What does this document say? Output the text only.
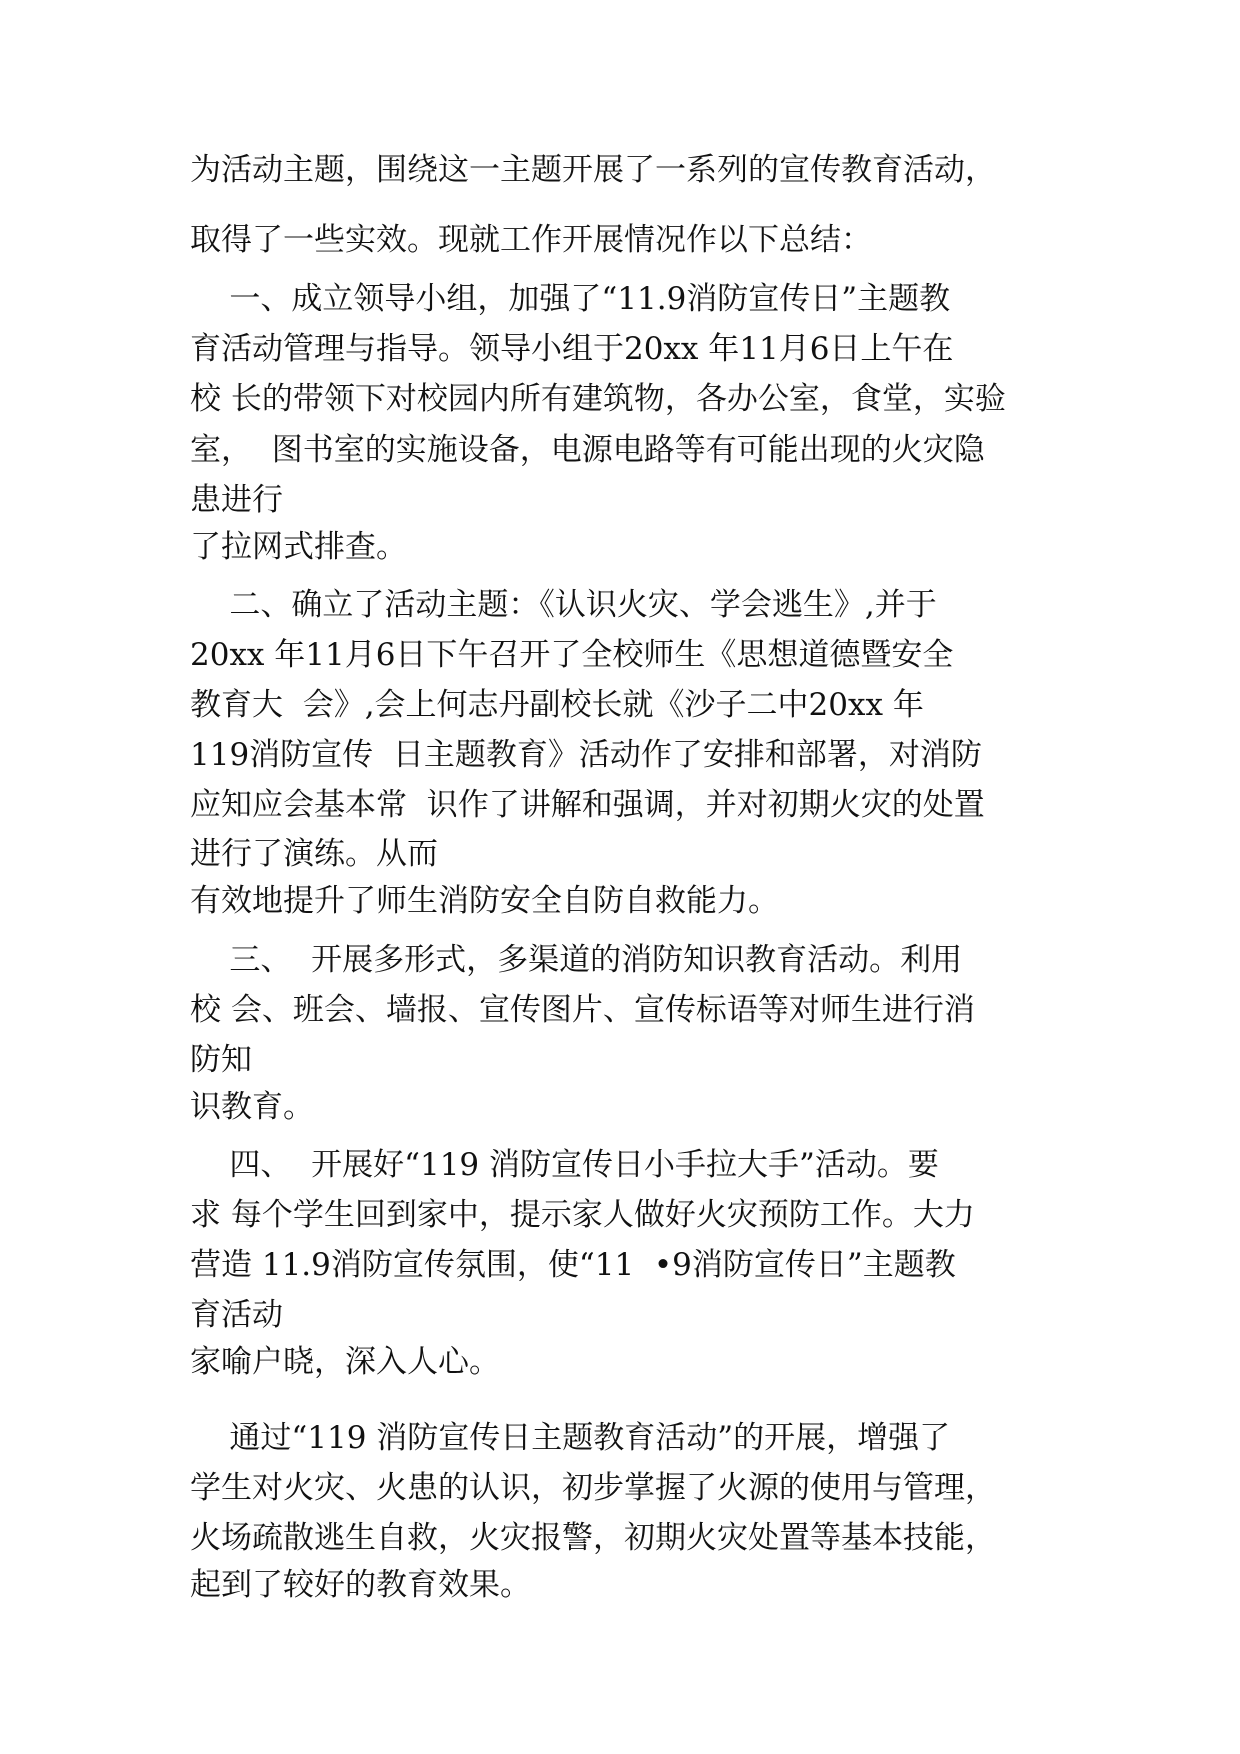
为活动主题，围绕这一主题开展了一系列的宣传教育活动，

取得了一些实效。现就工作开展情况作以下总结：

一、成立领导小组，加强了“11.9消防宣传日”主题教

育活动管理与指导。领导小组于20xx 年11月6日上午在

校 长的带领下对校园内所有建筑物，各办公室，食堂，实验

室，  图书室的实施设备，电源电路等有可能出现的火灾隐

患进行

了拉网式排查。

二、确立了活动主题：《认识火灾、学会逃生》,并于

20xx 年11月6日下午召开了全校师生《思想道德暨安全

教育大  会》,会上何志丹副校长就《沙子二中20xx 年

119消防宣传  日主题教育》活动作了安排和部署，对消防

应知应会基本常  识作了讲解和强调，并对初期火灾的处置

进行了演练。从而

有效地提升了师生消防安全自防自救能力。

三、  开展多形式，多渠道的消防知识教育活动。利用

校 会、班会、墙报、宣传图片、宣传标语等对师生进行消

防知

识教育。

四、  开展好“119 消防宣传日小手拉大手”活动。要

求 每个学生回到家中，提示家人做好火灾预防工作。大力

营造 11.9消防宣传氛围，使“11  •9消防宣传日”主题教

育活动

家喻户晓，深入人心。

通过“119 消防宣传日主题教育活动”的开展，增强了

学生对火灾、火患的认识，初步掌握了火源的使用与管理，

火场疏散逃生自救，火灾报警，初期火灾处置等基本技能，

起到了较好的教育效果。
